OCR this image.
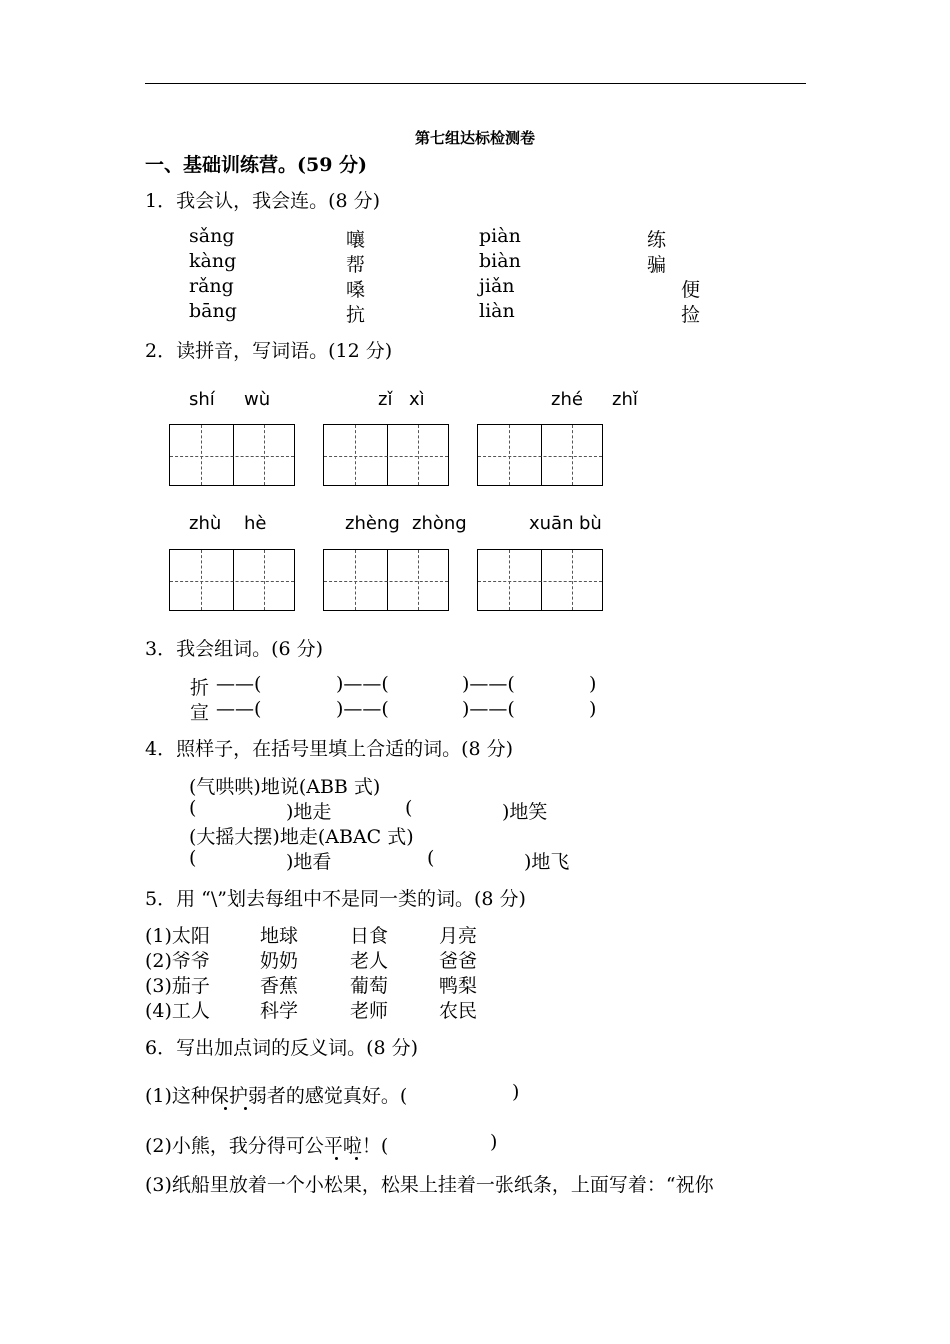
第七组达标检测卷
一、基础训练营。(59 分)
1．我会认，我会连。(8 分)
sǎng
kàng
rǎng
bāng
嚷
帮
嗓
抗
piàn
biàn
jiǎn
liàn
练
骗
便
捡
2．读拼音，写词语。(12 分)
shí wù	zǐ xì	zhé zhǐ
zhù hè	zhèng zhòng	xuān bù
3．我会组词。(6 分)
折 ——(	)——(	)——(	)
宣 ——(	)——(	)——(	)
4．照样子，在括号里填上合适的词。(8 分)
(气哄哄)地说(ABB 式)
(	)地走	(	)地笑
(大摇大摆)地走(ABAC 式)
(	)地看	(	)地飞
5．用 “\”划去每组中不是同一类的词。(8 分)
(1)太阳	地球	日食	月亮
(2)爷爷	奶奶	老人	爸爸
(3)茄子	香蕉	葡萄	鸭梨
(4)工人	科学	老师	农民
6．写出加点词的反义词。(8 分)
(1)这种保护弱者的感觉真好。(	)
(2)小熊，我分得可公平啦！(	)
(3)纸船里放着一个小松果，松果上挂着一张纸条，上面写着：“祝你
